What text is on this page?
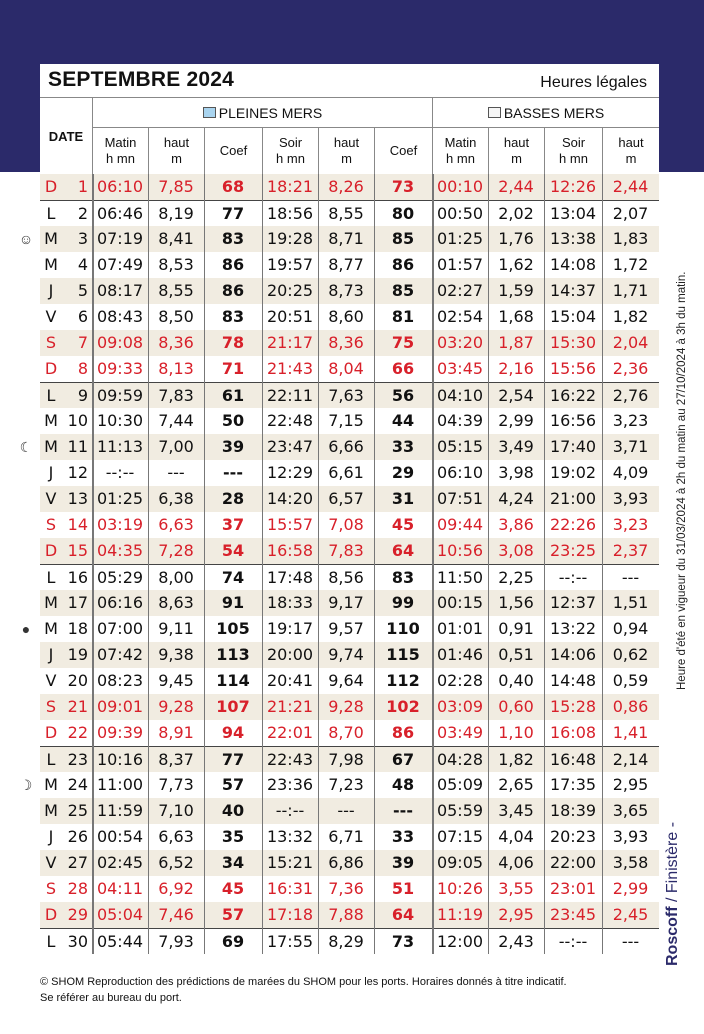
SEPTEMBRE 2024	Heures légales
DATE
PLEINES MERS	BASSES MERS
Matin
h mn
haut
m
Coef
Soir
h mn
haut
m
Coef
Matin
h mn
haut
m
Soir
h mn
haut
m
D	1 06:10 7,85	68	18:21 8,26	73	00:10 2,44	12:26	2,44
L	2 06:46 8,19	77	18:56 8,55	80	00:50 2,02	13:04	2,07
M	3 07:19 8,41	83	19:28 8,71	85	01:25 1,76	13:38	1,83
M	4 07:49 8,53	86	19:57 8,77	86	01:57 1,62	14:08	1,72
J	5 08:17 8,55	86	20:25 8,73	85	02:27 1,59	14:37	1,71
V	6 08:43 8,50	83	20:51 8,60	81	02:54 1,68	15:04	1,82
S	7 09:08 8,36	78	21:17 8,36	75	03:20 1,87	15:30	2,04
D	8 09:33 8,13	71	21:43 8,04	66	03:45 2,16	15:56	2,36
L	9 09:59 7,83	61	22:11 7,63	56	04:10 2,54	16:22	2,76
M 10 10:30 7,44	50	22:48 7,15	44	04:39 2,99	16:56	3,23
M 11 11:13 7,00	39	23:47 6,66	33	05:15 3,49	17:40	3,71
J 12	--:--	---	---	12:29 6,61	29	06:10 3,98	19:02	4,09
V 13 01:25 6,38	28	14:20 6,57	31	07:51 4,24	21:00	3,93
S 14 03:19 6,63	37	15:57 7,08	45	09:44 3,86	22:26	3,23
D 15 04:35 7,28	54	16:58 7,83	64	10:56 3,08	23:25	2,37
L 16 05:29 8,00	74	17:48 8,56	83	11:50 2,25	--:--	---
M 17 06:16 8,63	91	18:33 9,17	99	00:15 1,56	12:37	1,51
M 18 07:00 9,11	105	19:17 9,57	110	01:01 0,91	13:22	0,94
J 19 07:42 9,38	113	20:00 9,74	115	01:46 0,51	14:06	0,62
V 20 08:23 9,45	114	20:41 9,64	112	02:28 0,40	14:48	0,59
S 21 09:01 9,28	107	21:21 9,28	102	03:09 0,60	15:28	0,86
D 22 09:39 8,91	94	22:01 8,70	86	03:49 1,10	16:08	1,41
L 23 10:16 8,37	77	22:43 7,98	67	04:28 1,82	16:48	2,14
M 24 11:00 7,73	57	23:36 7,23	48	05:09 2,65	17:35	2,95
M 25 11:59 7,10	40	--:--	---	---	05:59 3,45	18:39	3,65
J 26 00:54 6,63	35	13:32 6,71	33	07:15 4,04	20:23	3,93
V 27 02:45 6,52	34	15:21 6,86	39	09:05 4,06	22:00	3,58
S 28 04:11 6,92	45	16:31 7,36	51	10:26 3,55	23:01	2,99
D 29 05:04 7,46	57	17:18 7,88	64	11:19 2,95	23:45	2,45
L 30 05:44 7,93	69	17:55 8,29	73	12:00 2,43	--:--	---	Roscoff / Finistère -
Heure d'été en vigueur du 31/03/2024 à 2h du matin au 27/10/2024 à 3h du matin.
© SHOM Reproduction des prédictions de marées du SHOM pour les ports. Horaires donnés à titre indicatif.
Se référer au bureau du port.
☺
☾
●
☽
